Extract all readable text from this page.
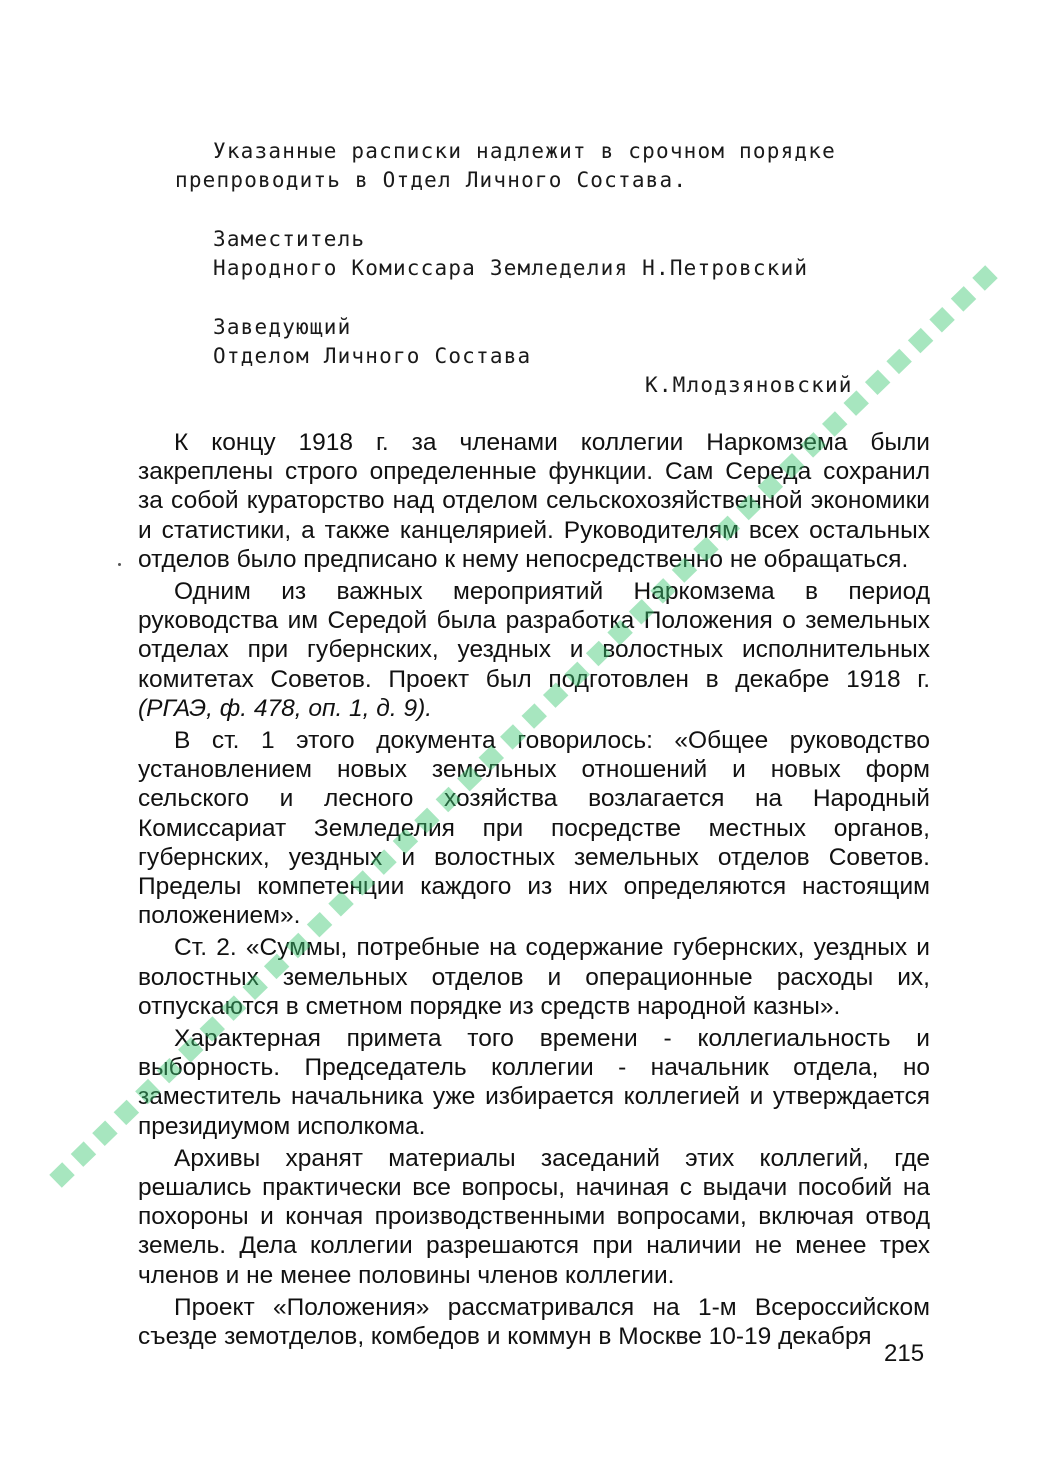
Указанные расписки надлежит в срочном порядке
препроводить в Отдел Личного Состава.
Заместитель
Народного Комиссара Земледелия Н.Петровский
Заведующий
Отделом Личного Состава
К.Млодзяновский

К концу 1918 г. за членами коллегии Наркомзема были закреплены строго определенные функции. Сам Середа сохранил за собой кураторство над отделом сельскохозяйственной экономики и статистики, а также канцелярией. Руководителям всех остальных отделов было предписано к нему непосредственно не обращаться.

Одним из важных мероприятий Наркомзема в период руководства им Середой была разработка Положения о земельных отделах при губернских, уездных и волостных исполнительных комитетах Советов. Проект был подготовлен в декабре 1918 г. (РГАЭ, ф. 478, оп. 1, д. 9).

В ст. 1 этого документа говорилось: «Общее руководство установлением новых земельных отношений и новых форм сельского и лесного хозяйства возлагается на Народный Комиссариат Земледелия при посредстве местных органов, губернских, уездных и волостных земельных отделов Советов. Пределы компетенции каждого из них определяются настоящим положением».

Ст. 2. «Суммы, потребные на содержание губернских, уездных и волостных земельных отделов и операционные расходы их, отпускаются в сметном порядке из средств народной казны».

Характерная примета того времени - коллегиальность и выборность. Председатель коллегии - начальник отдела, но заместитель начальника уже избирается коллегией и утверждается президиумом исполкома.

Архивы хранят материалы заседаний этих коллегий, где решались практически все вопросы, начиная с выдачи пособий на похороны и кончая производственными вопросами, включая отвод земель. Дела коллегии разрешаются при наличии не менее трех членов и не менее половины членов коллегии.

Проект «Положения» рассматривался на 1-м Всероссийском съезде земотделов, комбедов и коммун в Москве 10-19 декабря

215
